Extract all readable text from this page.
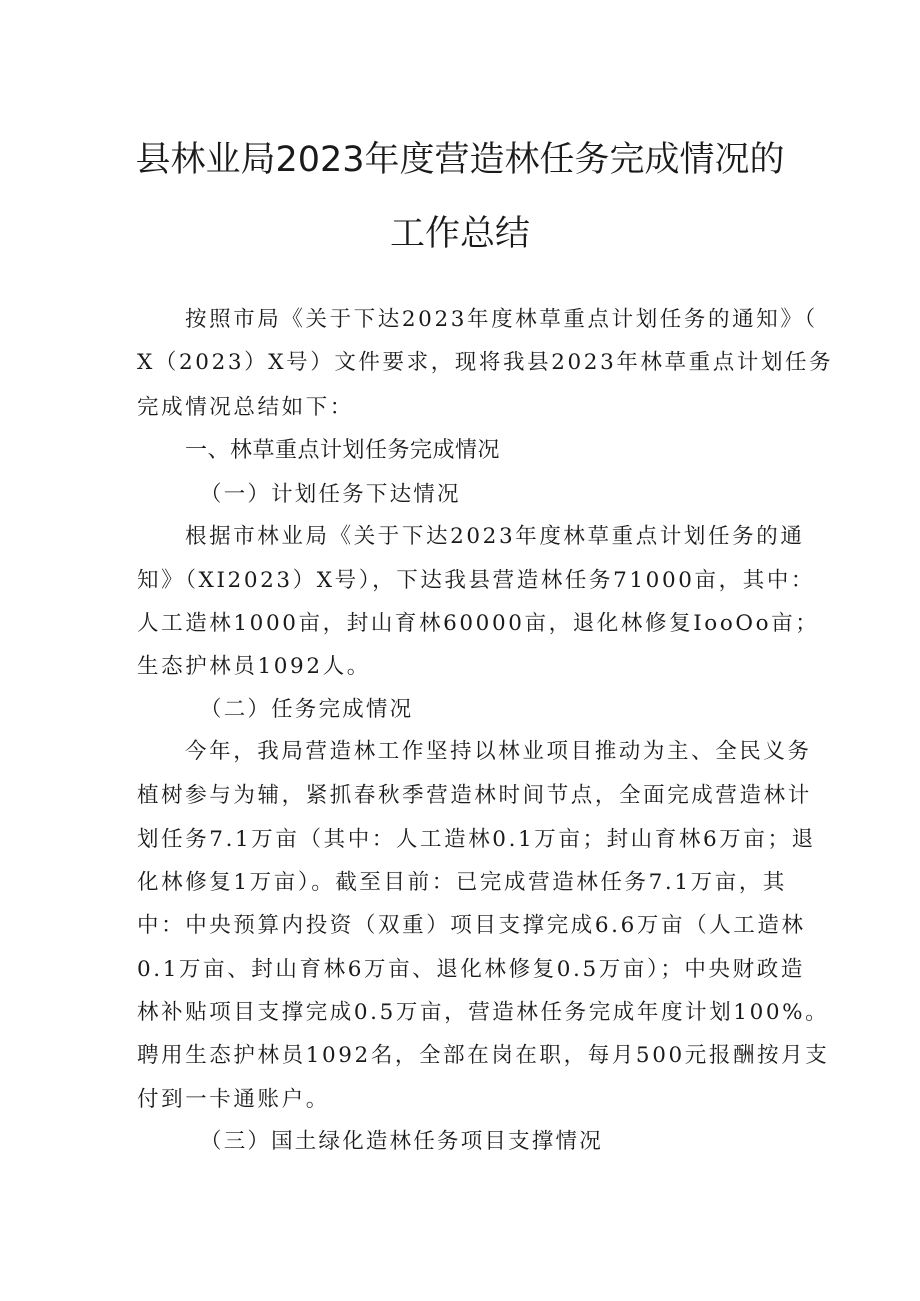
县林业局2023年度营造林任务完成情况的
工作总结
按照市局《关于下达2023年度林草重点计划任务的通知》（
X（2023）X号）文件要求，现将我县2023年林草重点计划任务
完成情况总结如下：
一、林草重点计划任务完成情况
（一）计划任务下达情况
根据市林业局《关于下达2023年度林草重点计划任务的通
知》（XI2023）X号），下达我县营造林任务71000亩，其中：
人工造林1000亩，封山育林60000亩，退化林修复IooOo亩；
生态护林员1092人。
（二）任务完成情况
今年，我局营造林工作坚持以林业项目推动为主、全民义务
植树参与为辅，紧抓春秋季营造林时间节点，全面完成营造林计
划任务7.1万亩（其中：人工造林0.1万亩；封山育林6万亩；退
化林修复1万亩）。截至目前：已完成营造林任务7.1万亩，其
中：中央预算内投资（双重）项目支撑完成6.6万亩（人工造林
0.1万亩、封山育林6万亩、退化林修复0.5万亩）；中央财政造
林补贴项目支撑完成0.5万亩，营造林任务完成年度计划100%。
聘用生态护林员1092名，全部在岗在职，每月500元报酬按月支
付到一卡通账户。
（三）国土绿化造林任务项目支撑情况
